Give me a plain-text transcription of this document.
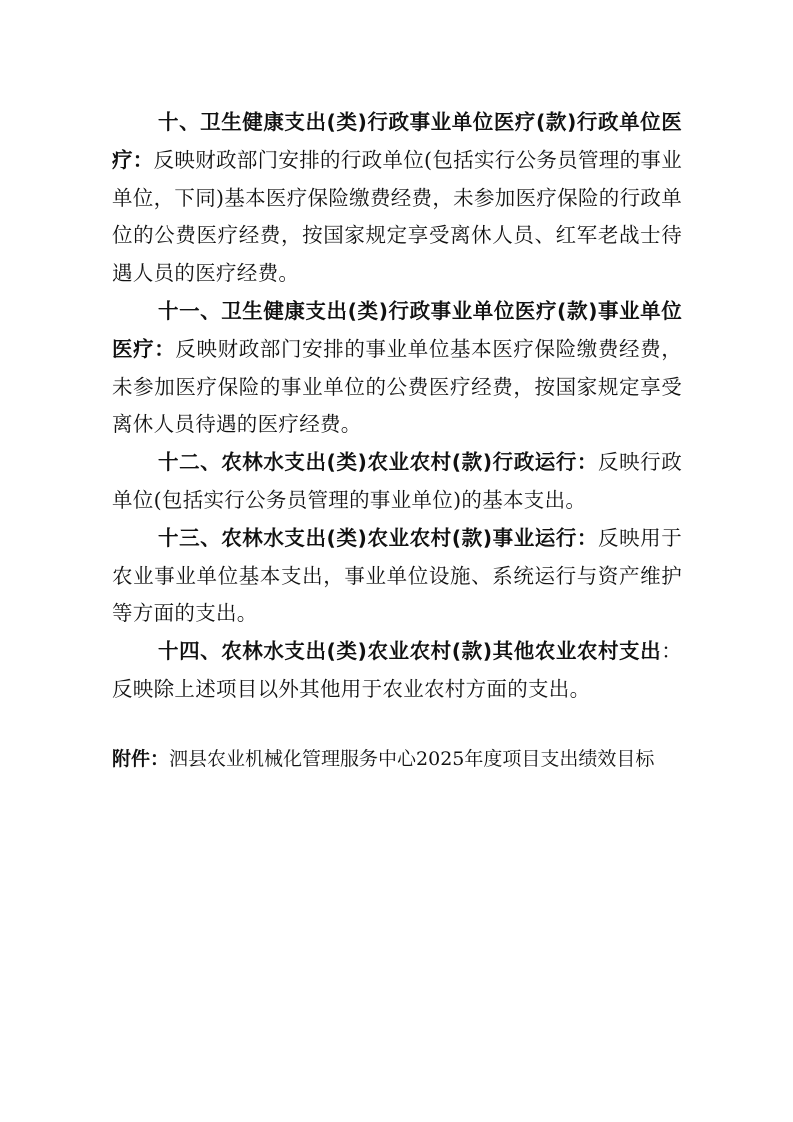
十、卫生健康支出(类)行政事业单位医疗(款)行政单位医疗：反映财政部门安排的行政单位(包括实行公务员管理的事业单位，下同)基本医疗保险缴费经费，未参加医疗保险的行政单位的公费医疗经费，按国家规定享受离休人员、红军老战士待遇人员的医疗经费。

十一、卫生健康支出(类)行政事业单位医疗(款)事业单位医疗：反映财政部门安排的事业单位基本医疗保险缴费经费，未参加医疗保险的事业单位的公费医疗经费，按国家规定享受离休人员待遇的医疗经费。

十二、农林水支出(类)农业农村(款)行政运行：反映行政单位(包括实行公务员管理的事业单位)的基本支出。

十三、农林水支出(类)农业农村(款)事业运行：反映用于农业事业单位基本支出，事业单位设施、系统运行与资产维护等方面的支出。

十四、农林水支出(类)农业农村(款)其他农业农村支出：反映除上述项目以外其他用于农业农村方面的支出。

附件：泗县农业机械化管理服务中心2025年度项目支出绩效目标
